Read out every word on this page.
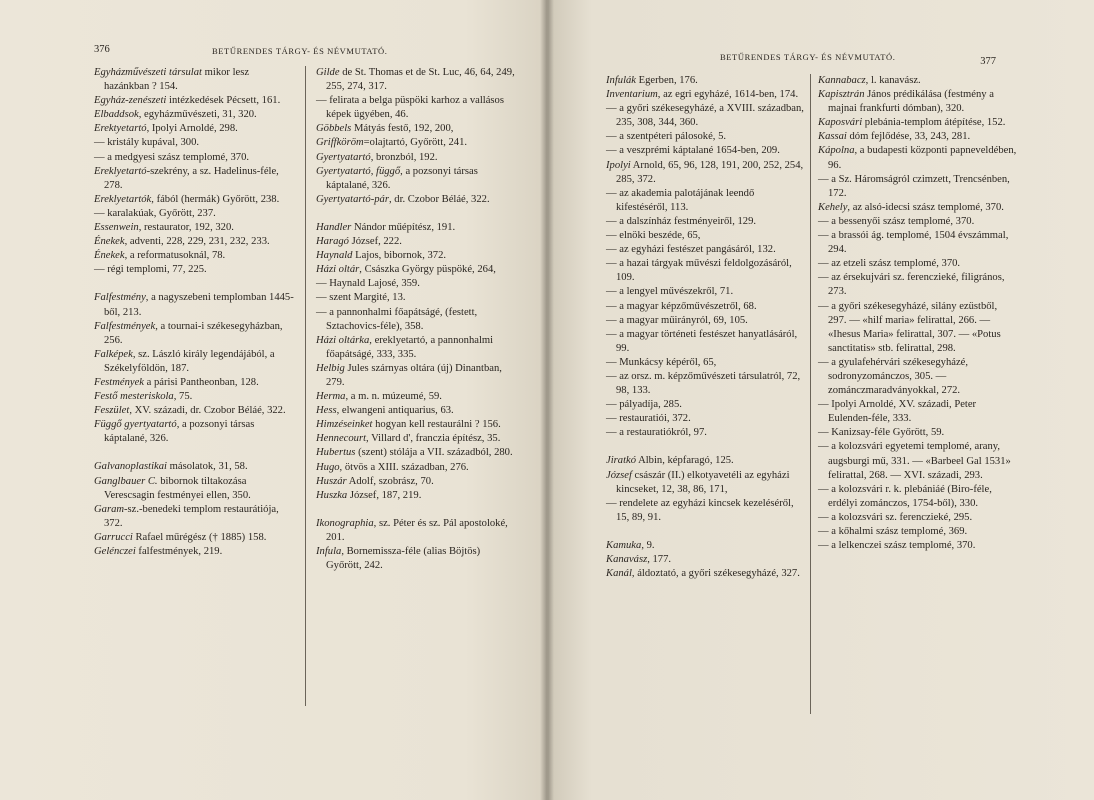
376	BETŰRENDES TÁRGY- ÉS NÉVMUTATÓ.

Egyházművészeti társulat mikor lesz hazánkban ? 154.

Egyház-zenészeti intézkedések Pécsett, 161.

Elbaddsok, egyházművészeti, 31, 320.

Erektyetartó, Ipolyi Arnoldé, 298.

— kristály kupával, 300.

— a medgyesi szász templomé, 370.

Ereklyetartó-szekrény, a sz. Hadelinus-féle, 278.

Ereklyetartók, fából (hermák) Győrött, 238.

— karalakúak, Győrött, 237.

Essenwein, restaurator, 192, 320.

Énekek, adventi, 228, 229, 231, 232, 233.

Énekek, a reformatusoknál, 78.

— régi templomi, 77, 225.

Falfestmény, a nagyszebeni templomban 1445-ből, 213.

Falfestmények, a tournai-i székesegyházban, 256.

Falképek, sz. László király legendájából, a Székelyföldön, 187.

Festmények a párisi Pantheonban, 128.

Festő mesteriskola, 75.

Feszület, XV. századi, dr. Czobor Béláé, 322.

Függő gyertyatartó, a pozsonyi társas káptalané, 326.

Galvanoplastikai másolatok, 31, 58.

Ganglbauer C. bibornok tiltakozása Verescsagin festményei ellen, 350.

Garam-sz.-benedeki templom restaurátiója, 372.

Garrucci Rafael műrégész († 1885) 158.

Gelénczei falfestmények, 219.

Gilde de St. Thomas et de St. Luc, 46, 64, 249, 255, 274, 317.

— felirata a belga püspöki karhoz a vallásos képek ügyében, 46.

Göbbels Mátyás festő, 192, 200,

Griffköröm=olajtartó, Győrött, 241.

Gyertyatartó, bronzból, 192.

Gyertyatartó, függő, a pozsonyi társas káptalané, 326.

Gyertyatartó-pár, dr. Czobor Béláé, 322.

Handler Nándor műépítész, 191.

Haragó József, 222.

Haynald Lajos, bibornok, 372.

Házi oltár, Császka György püspöké, 264,

— Haynald Lajosé, 359.

— szent Margité, 13.

— a pannonhalmi főapátságé, (festett, Sztachovics-féle), 358.

Házi oltárka, ereklyetartó, a pannonhalmi főapátságé, 333, 335.

Helbig Jules szárnyas oltára (új) Dinantban, 279.

Herma, a m. n. múzeumé, 59.

Hess, elwangeni antiquarius, 63.

Himzéseinket hogyan kell restaurálni ? 156.

Hennecourt, Villard d', franczia építész, 35.

Hubertus (szent) stólája a VII. századból, 280.

Hugo, ötvös a XIII. században, 276.

Huszár Adolf, szobrász, 70.

Huszka József, 187, 219.

Ikonographia, sz. Péter és sz. Pál apostoloké, 201.

Infula, Bornemissza-féle (alias Böjtös) Győrött, 242.

BETŰRENDES TÁRGY- ÉS NÉVMUTATÓ.	377

Infulák Egerben, 176.

Inventarium, az egri egyházé, 1614-ben, 174.

— a győri székesegyházé, a XVIII. században, 235, 308, 344, 360.

— a szentpéteri pálosoké, 5.

— a veszprémi káptalané 1654-ben, 209.

Ipolyi Arnold, 65, 96, 128, 191, 200, 252, 254, 285, 372.

— az akademia palotájának leendő kifestéséről, 113.

— a dalszínház festményeiről, 129.

— elnöki beszéde, 65,

— az egyházi festészet pangásáról, 132.

— a hazai tárgyak művészi feldolgozásáról, 109.

— a lengyel művészekről, 71.

— a magyar képzőművészetről, 68.

— a magyar műirányról, 69, 105.

— a magyar történeti festészet hanyatlásáról, 99.

— Munkácsy képéről, 65,

— az orsz. m. képzőművészeti társulatról, 72, 98, 133.

— pályadíja, 285.

— restauratiói, 372.

— a restauratiókról, 97.

Jiratkó Albin, képfaragó, 125.

József császár (II.) elkotyavetéli az egyházi kincseket, 12, 38, 86, 171,

— rendelete az egyházi kincsek kezeléséről, 15, 89, 91.

Kamuka, 9.

Kanavász, 177.

Kanál, áldoztató, a győri székesegyházé, 327.

Kannabacz, l. kanavász.

Kapisztrán János prédikálása (festmény a majnai frankfurti dómban), 320.

Kaposvári plebánia-templom átépítése, 152.

Kassai dóm fejlődése, 33, 243, 281.

Kápolna, a budapesti központi papneveldében, 96.

— a Sz. Háromságról czimzett, Trencsénben, 172.

Kehely, az alsó-idecsi szász templomé, 370.

— a bessenyői szász templomé, 370.

— a brassói ág. templomé, 1504 évszámmal, 294.

— az etzeli szász templomé, 370.

— az érsekujvári sz. ferenczieké, filigrános, 273.

— a győri székesegyházé, silány ezüstből, 297. — «hilf maria» felirattal, 266. — «Ihesus Maria» felirattal, 307. — «Potus sanctitatis» stb. felirattal, 298.

— a gyulafehérvári székesegyházé, sodronyzománczos, 305. — zománczmaradványokkal, 272.

— Ipolyi Arnoldé, XV. századi, Peter Eulenden-féle, 333.

— Kanizsay-féle Győrött, 59.

— a kolozsvári egyetemi templomé, arany, augsburgi mű, 331. — «Barbeel Gal 1531» felirattal, 268. — XVI. századi, 293.

— a kolozsvári r. k. plebániáé (Biro-féle, erdélyi zománczos, 1754-ből), 330.

— a kolozsvári sz. ferenczieké, 295.

— a kőhalmi szász templomé, 369.

— a lelkenczei szász templomé, 370.
